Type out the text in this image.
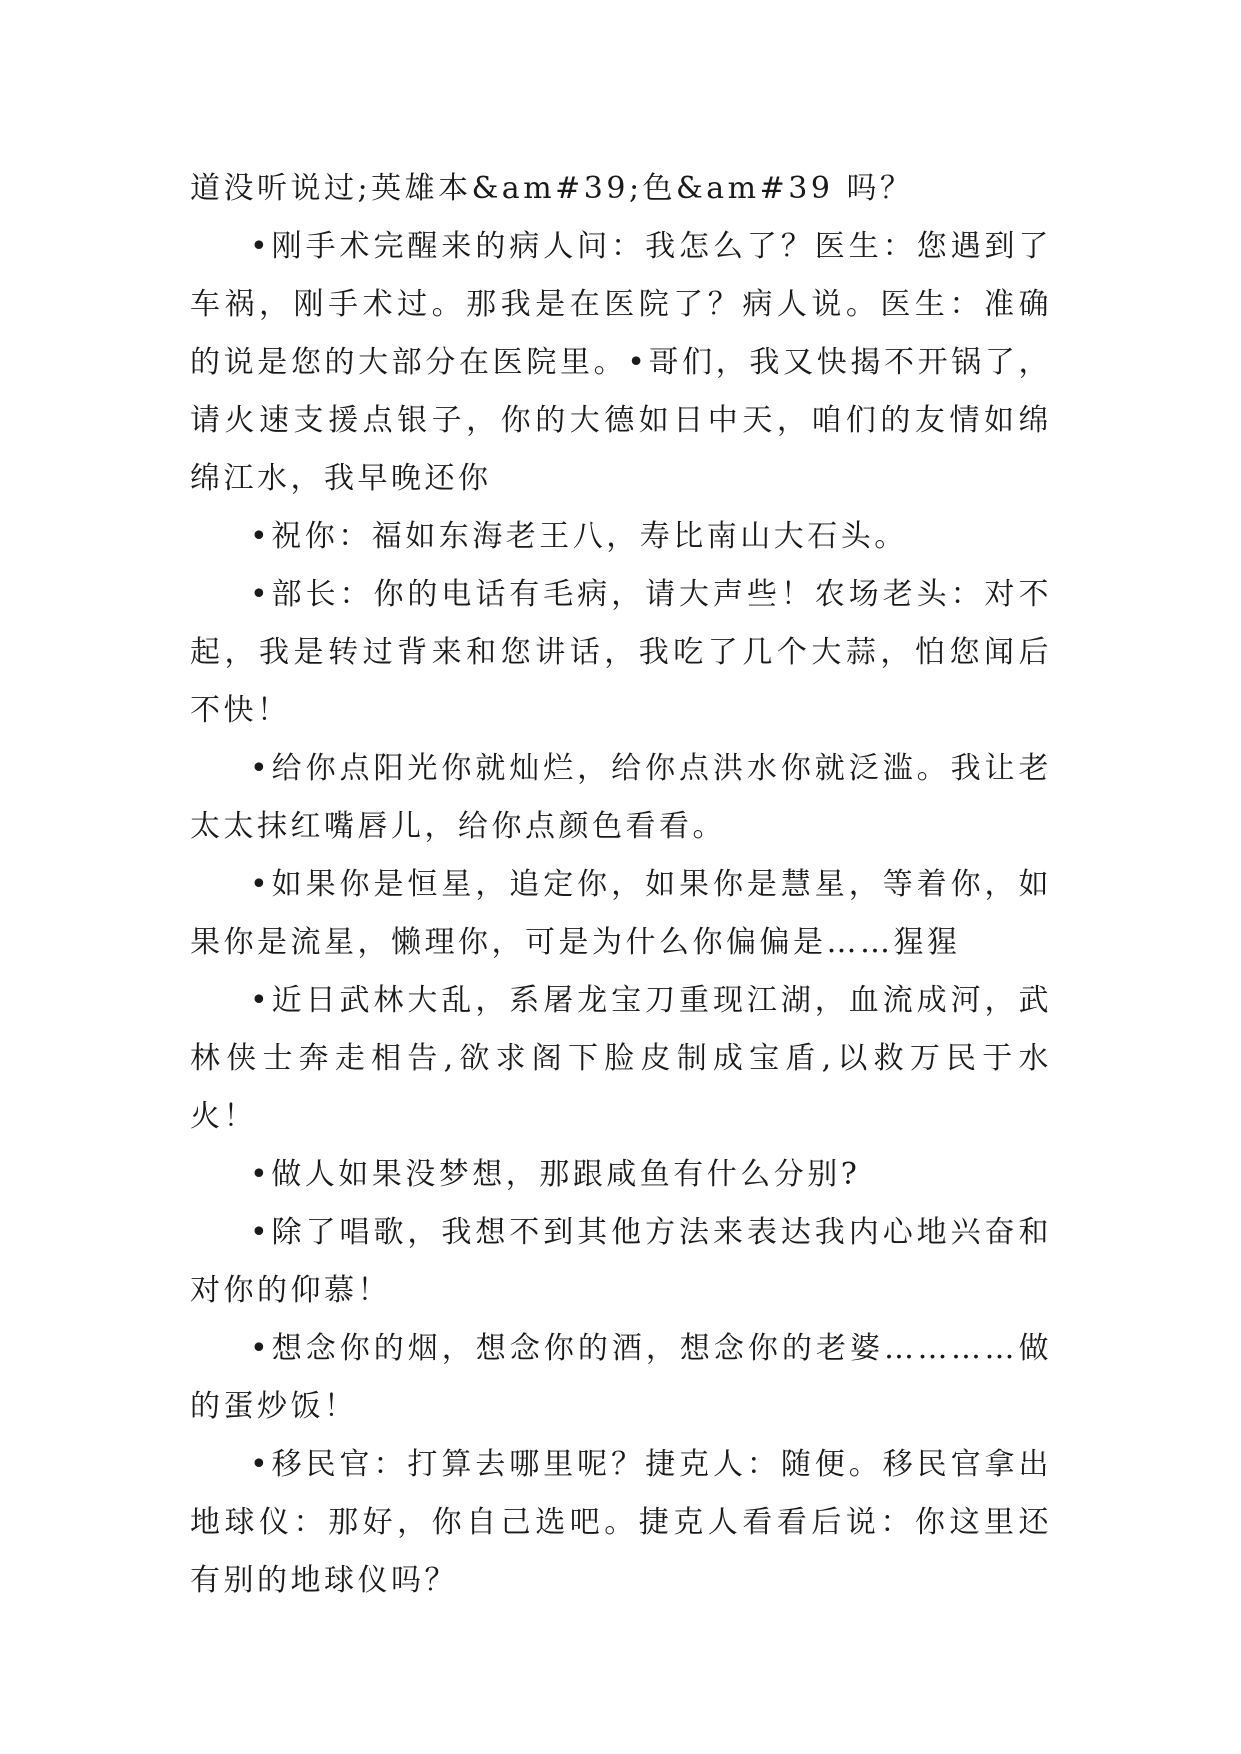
道没听说过;英雄本&am#39;色&am#39 吗？

•刚手术完醒来的病人问：我怎么了？医生：您遇到了车祸，刚手术过。那我是在医院了？病人说。医生：准确的说是您的大部分在医院里。•哥们，我又快揭不开锅了，请火速支援点银子，你的大德如日中天，咱们的友情如绵绵江水，我早晚还你

•祝你：福如东海老王八，寿比南山大石头。

•部长：你的电话有毛病，请大声些！农场老头：对不起，我是转过背来和您讲话，我吃了几个大蒜，怕您闻后不快！

•给你点阳光你就灿烂，给你点洪水你就泛滥。我让老太太抹红嘴唇儿，给你点颜色看看。

•如果你是恒星，追定你，如果你是慧星，等着你，如果你是流星，懒理你，可是为什么你偏偏是……猩猩

•近日武林大乱，系屠龙宝刀重现江湖，血流成河，武林侠士奔走相告,欲求阁下脸皮制成宝盾,以救万民于水火！

•做人如果没梦想，那跟咸鱼有什么分别?

•除了唱歌，我想不到其他方法来表达我内心地兴奋和对你的仰慕！

•想念你的烟，想念你的酒，想念你的老婆…………做的蛋炒饭！

•移民官：打算去哪里呢？捷克人：随便。移民官拿出地球仪：那好，你自己选吧。捷克人看看后说：你这里还有别的地球仪吗？
